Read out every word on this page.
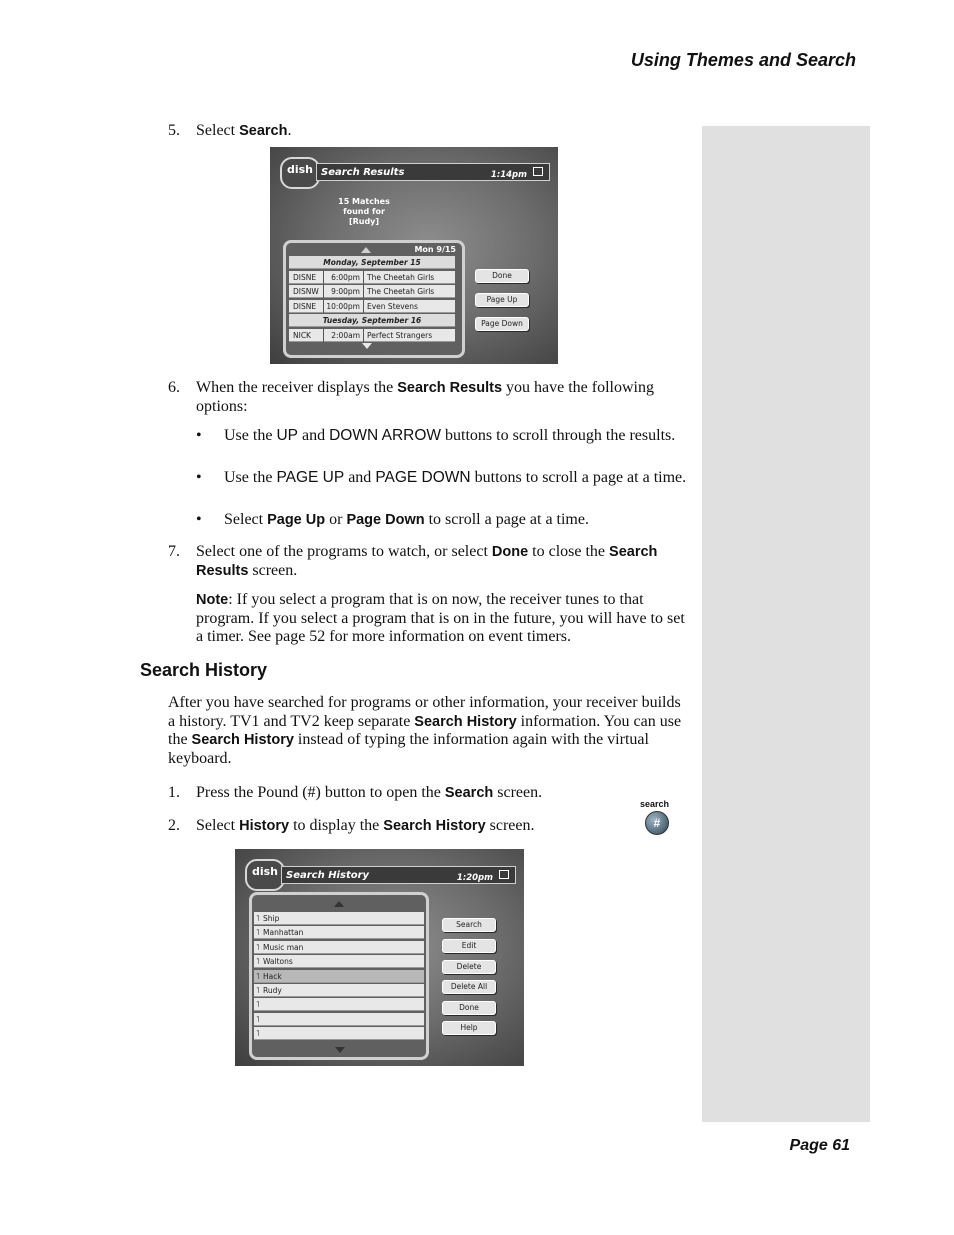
Using Themes and Search
5. Select Search.
dish Search Results	1:14pm
15 Matches found for
[Rudy]
Mon 9/15
Monday, September 15
DISNE 6:00pm The Cheetah Girls
DISNW 9:00pm The Cheetah Girls
DISNE 10:00pm Even Stevens
Tuesday, September 16
NICK	2:00am Perfect Strangers
Done
Page Up
Page Down
6. When the receiver displays the Search Results you have the following options:
• Use the UP and DOWN ARROW buttons to scroll through the results.
• Use the PAGE UP and PAGE DOWN buttons to scroll a page at a time.
• Select Page Up or Page Down to scroll a page at a time.
7. Select one of the programs to watch, or select Done to close the Search Results screen.
Note: If you select a program that is on now, the receiver tunes to that program. If you select a program that is on in the future, you will have to set a timer. See page 52 for more information on event timers.
Search History
After you have searched for programs or other information, your receiver builds a history. TV1 and TV2 keep separate Search History information. You can use the Search History instead of typing the information again with the virtual keyboard.
1. Press the Pound (#) button to open the Search screen.
search
#
2. Select History to display the Search History screen.
dish Search History	1:20pm
˥ Ship
˥ Manhattan
˥ Music man
˥ Waltons
˥ Hack
˥ Rudy
˥
˥
˥
Search
Edit
Delete
Delete All
Done
Help
Page 61
